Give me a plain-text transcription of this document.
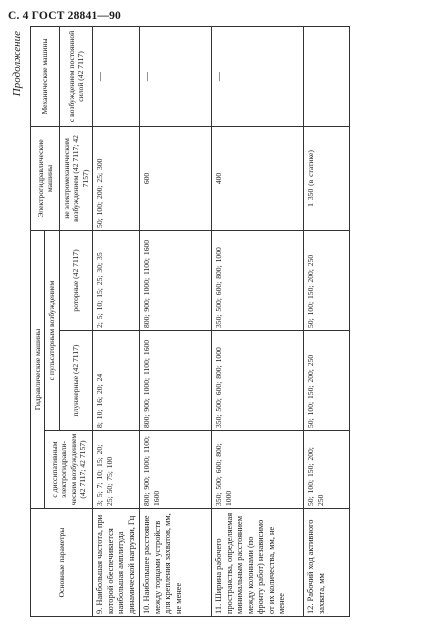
С. 4 ГОСТ 28841—90
Продолжение
Основные параметры	Гидравлические машины			Электрогидравлические машины	Механические машины
	с диссипативным электрогидравлическим возбуждением (42 7117; 42 7157)	с пульсаторным возбуждением			
		плунжерные (42 7117)	роторные (42 7117)	не электромеханическим возбуждением (42 7117; 42 7157)	с возбуждением постоянной силой (42 7117)
9. Наибольшая частота, при которой обеспечивается наибольшая амплитуда динамической нагрузки, Гц	3; 5; 7; 10; 15; 20; 25; 50; 75; 100	8; 10; 16; 20; 24	2; 5; 10; 15; 25; 30; 35	50; 100; 200; 25; 300	—
10. Наибольшее расстояние между торцами устройств для крепления захватов, мм, не менее	800; 900; 1000; 1100; 1600	800; 900; 1000; 1100; 1600	800; 900; 1000; 1100; 1600	600	—
11. Ширина рабочего пространства, определяемая минимальным расстоянием между колоннами (по фронту работ) независимо от их количества, мм, не менее	350; 500; 600; 800; 1000	350; 500; 600; 800; 1000	350; 500; 600; 800; 1000	400	—
12. Рабочий ход активного захвата, мм	50; 100; 150; 200; 250	50; 100; 150; 200; 250	50; 100; 150; 200; 250	1 350 (в статике)	
